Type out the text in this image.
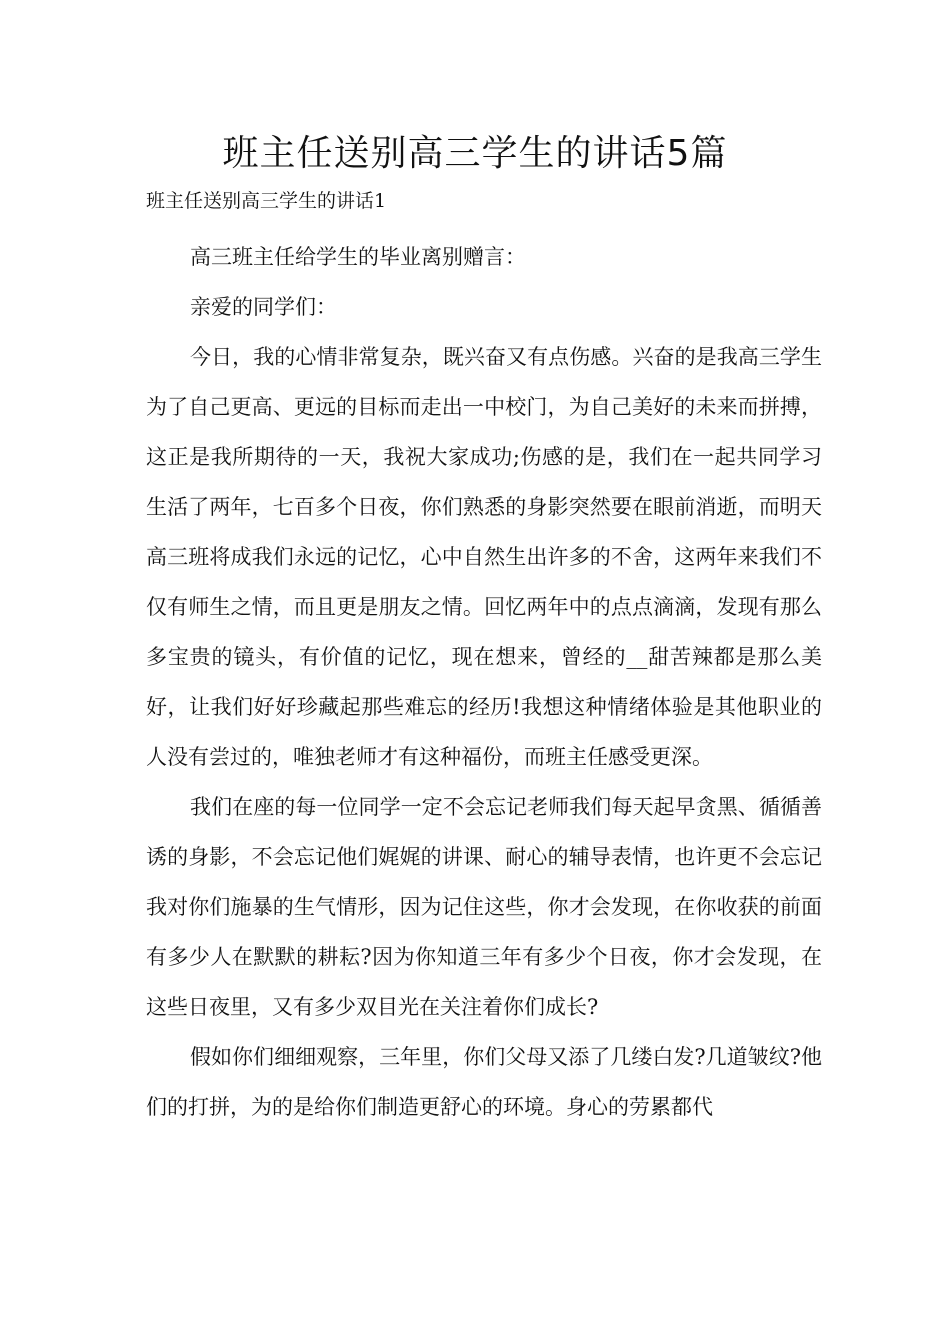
班主任送别高三学生的讲话5篇

班主任送别高三学生的讲话1

高三班主任给学生的毕业离别赠言：

亲爱的同学们：

今日，我的心情非常复杂，既兴奋又有点伤感。兴奋的是我高三学生为了自己更高、更远的目标而走出一中校门，为自己美好的未来而拼搏，这正是我所期待的一天，我祝大家成功;伤感的是，我们在一起共同学习生活了两年，七百多个日夜，你们熟悉的身影突然要在眼前消逝，而明天高三班将成我们永远的记忆，心中自然生出许多的不舍，这两年来我们不仅有师生之情，而且更是朋友之情。回忆两年中的点点滴滴，发现有那么多宝贵的镜头，有价值的记忆，现在想来，曾经的__甜苦辣都是那么美好，让我们好好珍藏起那些难忘的经历!我想这种情绪体验是其他职业的人没有尝过的，唯独老师才有这种福份，而班主任感受更深。

我们在座的每一位同学一定不会忘记老师我们每天起早贪黑、循循善诱的身影，不会忘记他们娓娓的讲课、耐心的辅导表情，也许更不会忘记我对你们施暴的生气情形，因为记住这些，你才会发现，在你收获的前面有多少人在默默的耕耘?因为你知道三年有多少个日夜，你才会发现，在这些日夜里，又有多少双目光在关注着你们成长?

假如你们细细观察，三年里，你们父母又添了几缕白发?几道皱纹?他们的打拼，为的是给你们制造更舒心的环境。身心的劳累都代
